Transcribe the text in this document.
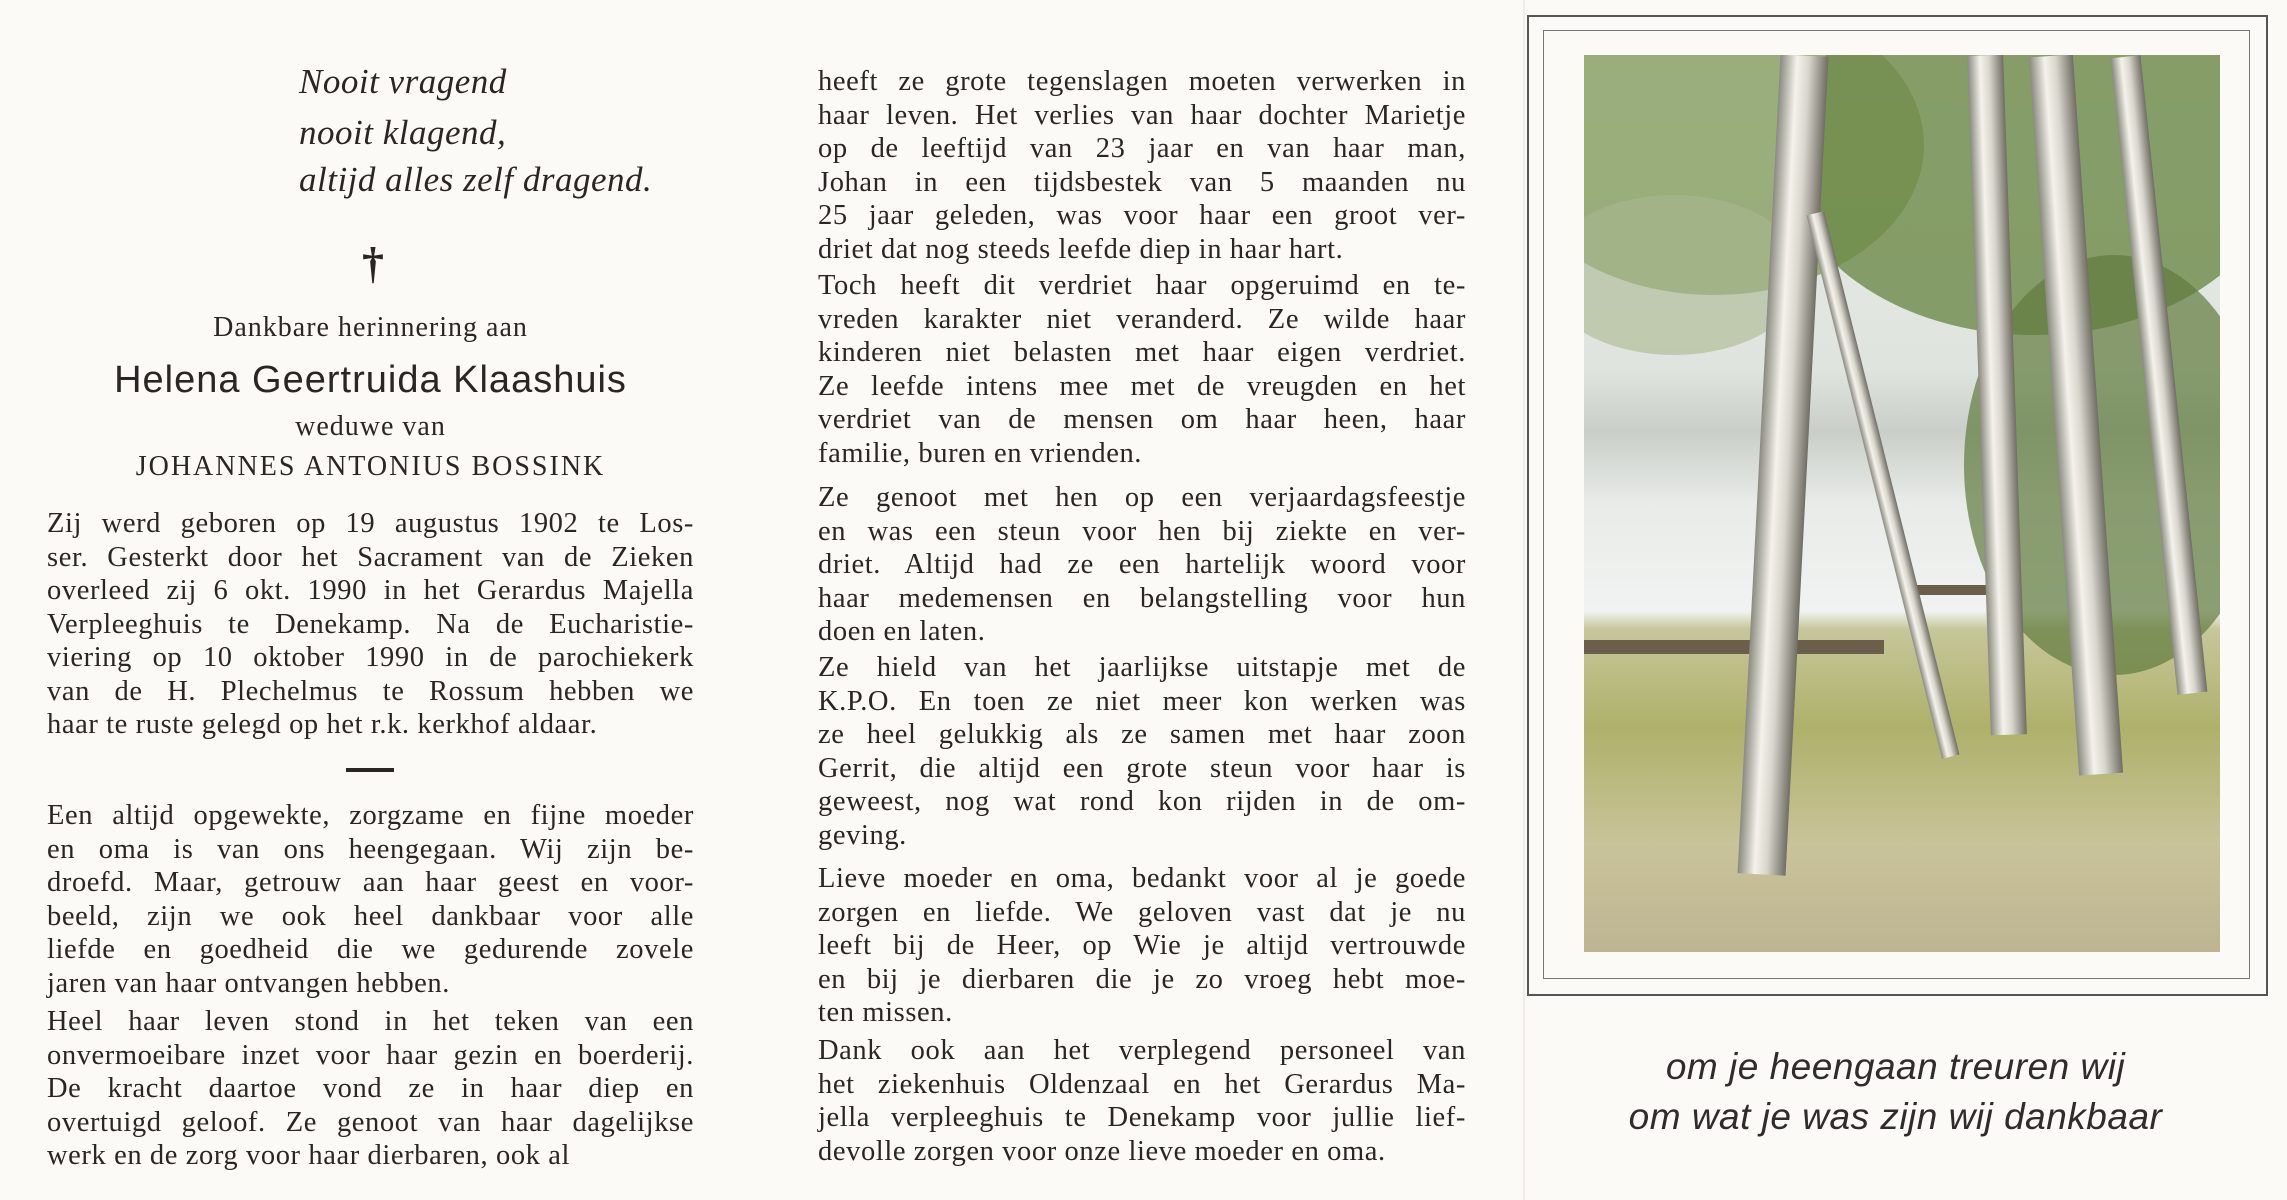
Nooit vragend
nooit klagend,
altijd alles zelf dragend.
†
Dankbare herinnering aan
Helena Geertruida Klaashuis
weduwe van
JOHANNES ANTONIUS BOSSINK
Zij werd geboren op 19 augustus 1902 te Los-
ser. Gesterkt door het Sacrament van de Zieken
overleed zij 6 okt. 1990 in het Gerardus Majella
Verpleeghuis te Denekamp. Na de Eucharistie-
viering op 10 oktober 1990 in de parochiekerk
van de H. Plechelmus te Rossum hebben we
haar te ruste gelegd op het r.k. kerkhof aldaar.
Een altijd opgewekte, zorgzame en fijne moeder
en oma is van ons heengegaan. Wij zijn be-
droefd. Maar, getrouw aan haar geest en voor-
beeld, zijn we ook heel dankbaar voor alle
liefde en goedheid die we gedurende zovele
jaren van haar ontvangen hebben.
Heel haar leven stond in het teken van een
onvermoeibare inzet voor haar gezin en boerderij.
De kracht daartoe vond ze in haar diep en
overtuigd geloof. Ze genoot van haar dagelijkse
werk en de zorg voor haar dierbaren, ook al
heeft ze grote tegenslagen moeten verwerken in
haar leven. Het verlies van haar dochter Marietje
op de leeftijd van 23 jaar en van haar man,
Johan in een tijdsbestek van 5 maanden nu
25 jaar geleden, was voor haar een groot ver-
driet dat nog steeds leefde diep in haar hart.
Toch heeft dit verdriet haar opgeruimd en te-
vreden karakter niet veranderd. Ze wilde haar
kinderen niet belasten met haar eigen verdriet.
Ze leefde intens mee met de vreugden en het
verdriet van de mensen om haar heen, haar
familie, buren en vrienden.
Ze genoot met hen op een verjaardagsfeestje
en was een steun voor hen bij ziekte en ver-
driet. Altijd had ze een hartelijk woord voor
haar medemensen en belangstelling voor hun
doen en laten.
Ze hield van het jaarlijkse uitstapje met de
K.P.O. En toen ze niet meer kon werken was
ze heel gelukkig als ze samen met haar zoon
Gerrit, die altijd een grote steun voor haar is
geweest, nog wat rond kon rijden in de om-
geving.
Lieve moeder en oma, bedankt voor al je goede
zorgen en liefde. We geloven vast dat je nu
leeft bij de Heer, op Wie je altijd vertrouwde
en bij je dierbaren die je zo vroeg hebt moe-
ten missen.
Dank ook aan het verplegend personeel van
het ziekenhuis Oldenzaal en het Gerardus Ma-
jella verpleeghuis te Denekamp voor jullie lief-
devolle zorgen voor onze lieve moeder en oma.
om je heengaan treuren wij
om wat je was zijn wij dankbaar
